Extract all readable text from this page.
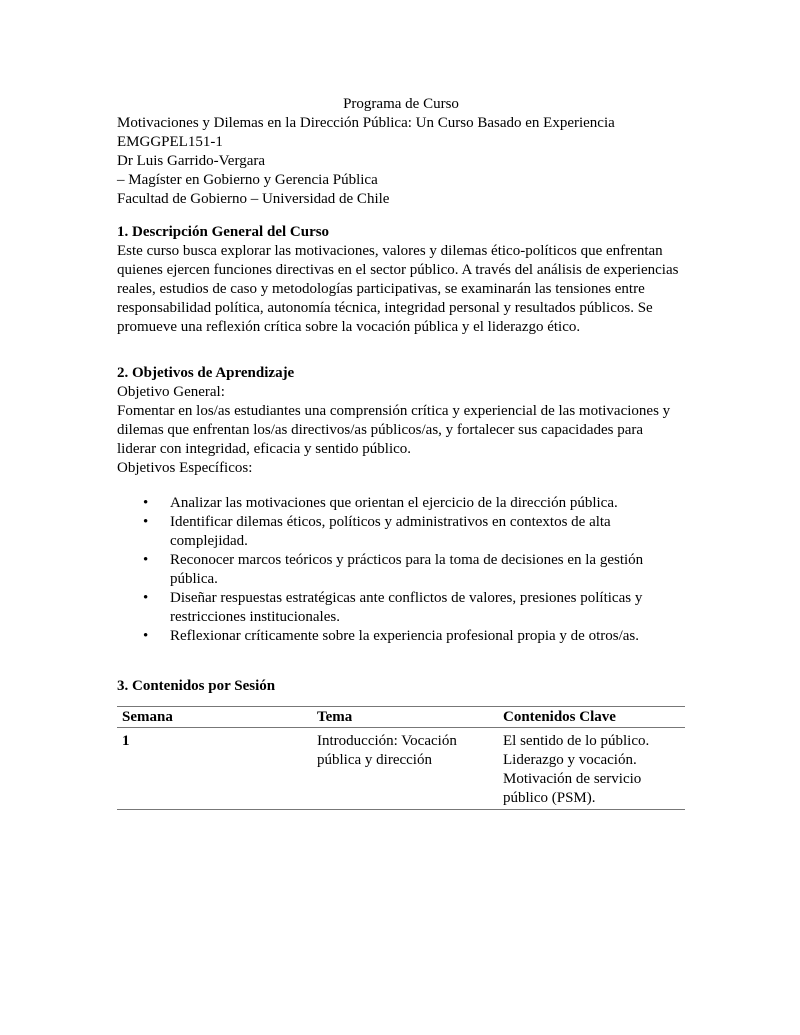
Programa de Curso

Motivaciones y Dilemas en la Dirección Pública: Un Curso Basado en Experiencia

EMGGPEL151-1

Dr Luis Garrido-Vergara

– Magíster en Gobierno y Gerencia Pública

Facultad de Gobierno – Universidad de Chile

1. Descripción General del Curso

Este curso busca explorar las motivaciones, valores y dilemas ético-políticos que enfrentan quienes ejercen funciones directivas en el sector público. A través del análisis de experiencias reales, estudios de caso y metodologías participativas, se examinarán las tensiones entre responsabilidad política, autonomía técnica, integridad personal y resultados públicos. Se promueve una reflexión crítica sobre la vocación pública y el liderazgo ético.

2. Objetivos de Aprendizaje

Objetivo General:

Fomentar en los/as estudiantes una comprensión crítica y experiencial de las motivaciones y dilemas que enfrentan los/as directivos/as públicos/as, y fortalecer sus capacidades para liderar con integridad, eficacia y sentido público.

Objetivos Específicos:

• Analizar las motivaciones que orientan el ejercicio de la dirección pública.
• Identificar dilemas éticos, políticos y administrativos en contextos de alta complejidad.
• Reconocer marcos teóricos y prácticos para la toma de decisiones en la gestión pública.
• Diseñar respuestas estratégicas ante conflictos de valores, presiones políticas y restricciones institucionales.
• Reflexionar críticamente sobre la experiencia profesional propia y de otros/as.
3. Contenidos por Sesión
Semana	Tema	Contenidos Clave
1	Introducción: Vocación pública y dirección	El sentido de lo público. Liderazgo y vocación. Motivación de servicio público (PSM).
